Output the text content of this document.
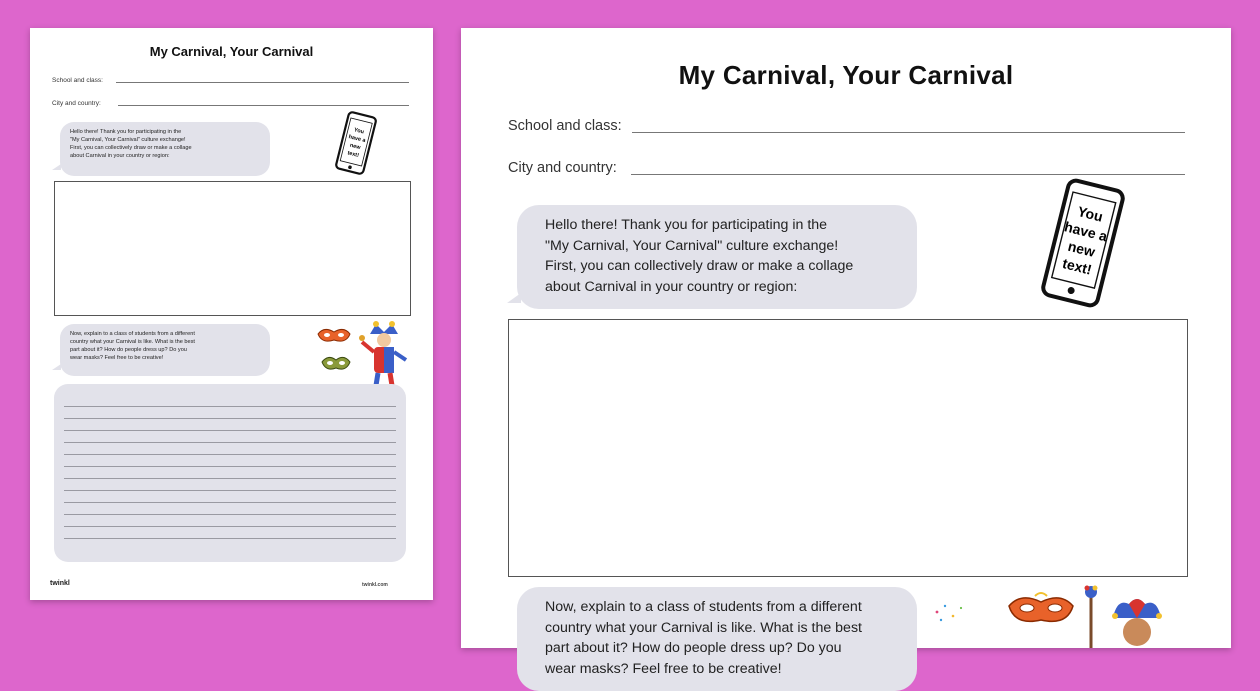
My Carnival, Your Carnival
School and class:
City and country:
Hello there! Thank you for participating in the
"My Carnival, Your Carnival" culture exchange!
First, you can collectively draw or make a collage
about Carnival in your country or region:
You
have a
new
text!
Now, explain to a class of students from a different
country what your Carnival is like. What is the best
part about it? How do people dress up? Do you
wear masks? Feel free to be creative!
twinkl	twinkl.com
My Carnival, Your Carnival
School and class:
City and country:
Hello there! Thank you for participating in the
"My Carnival, Your Carnival" culture exchange!
First, you can collectively draw or make a collage
about Carnival in your country or region:
You
have a
new
text!
Now, explain to a class of students from a different
country what your Carnival is like. What is the best
part about it? How do people dress up? Do you
wear masks? Feel free to be creative!
